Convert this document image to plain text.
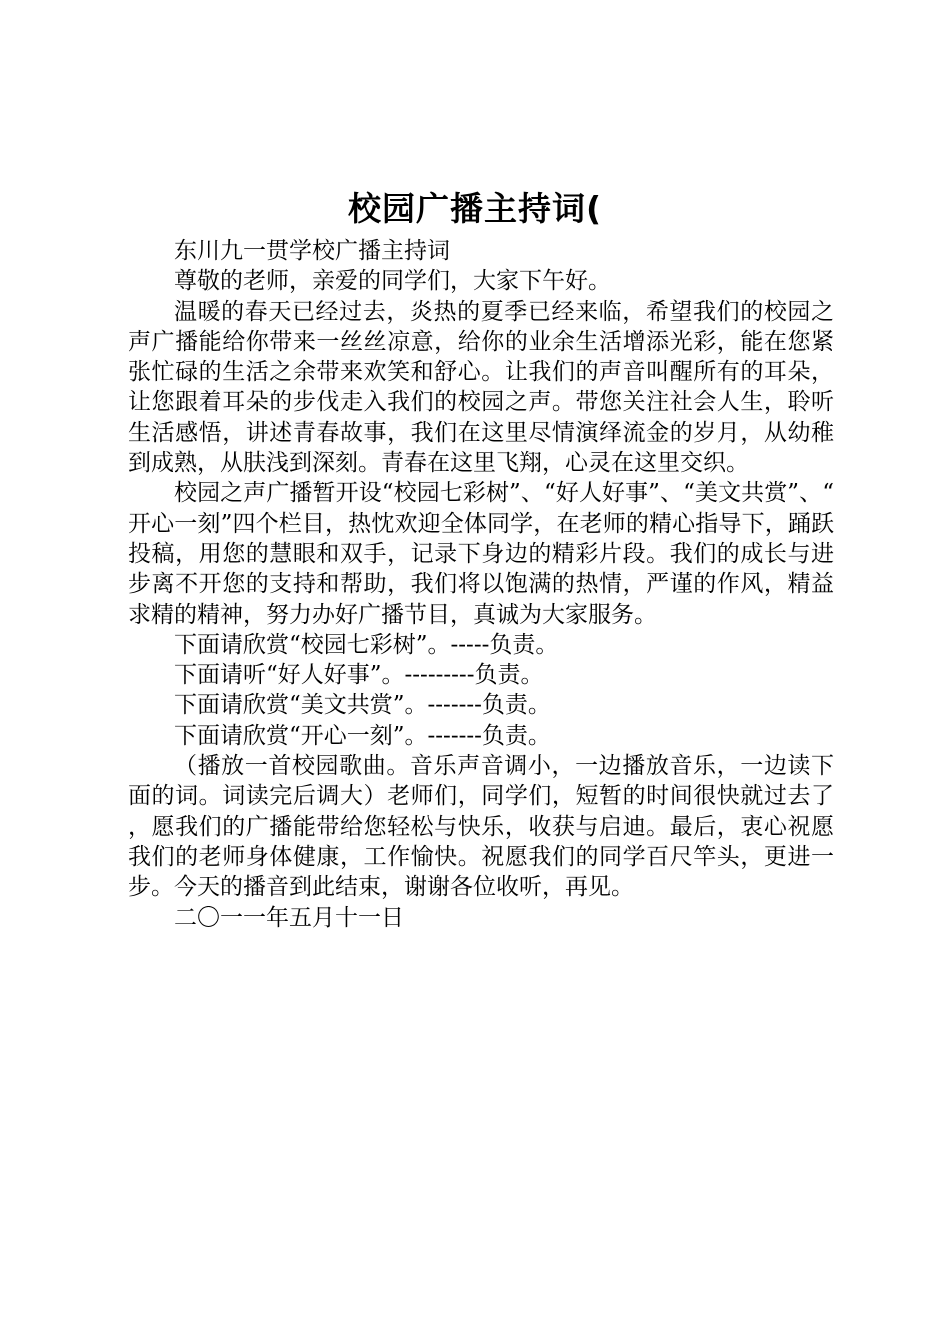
校园广播主持词(

东川九一贯学校广播主持词

尊敬的老师，亲爱的同学们，大家下午好。

温暖的春天已经过去，炎热的夏季已经来临，希望我们的校园之声广播能给你带来一丝丝凉意，给你的业余生活增添光彩，能在您紧张忙碌的生活之余带来欢笑和舒心。让我们的声音叫醒所有的耳朵，让您跟着耳朵的步伐走入我们的校园之声。带您关注社会人生，聆听生活感悟，讲述青春故事，我们在这里尽情演绎流金的岁月，从幼稚到成熟，从肤浅到深刻。青春在这里飞翔，心灵在这里交织。

校园之声广播暂开设“校园七彩树”、“好人好事”、“美文共赏”、“开心一刻”四个栏目，热忱欢迎全体同学，在老师的精心指导下，踊跃投稿，用您的慧眼和双手，记录下身边的精彩片段。我们的成长与进步离不开您的支持和帮助，我们将以饱满的热情，严谨的作风，精益求精的精神，努力办好广播节目，真诚为大家服务。

下面请欣赏“校园七彩树”。-----负责。

下面请听“好人好事”。---------负责。

下面请欣赏“美文共赏”。-------负责。

下面请欣赏“开心一刻”。-------负责。

（播放一首校园歌曲。音乐声音调小，一边播放音乐，一边读下面的词。词读完后调大）老师们，同学们，短暂的时间很快就过去了，愿我们的广播能带给您轻松与快乐，收获与启迪。最后，衷心祝愿我们的老师身体健康，工作愉快。祝愿我们的同学百尺竿头，更进一步。今天的播音到此结束，谢谢各位收听，再见。

二〇一一年五月十一日
